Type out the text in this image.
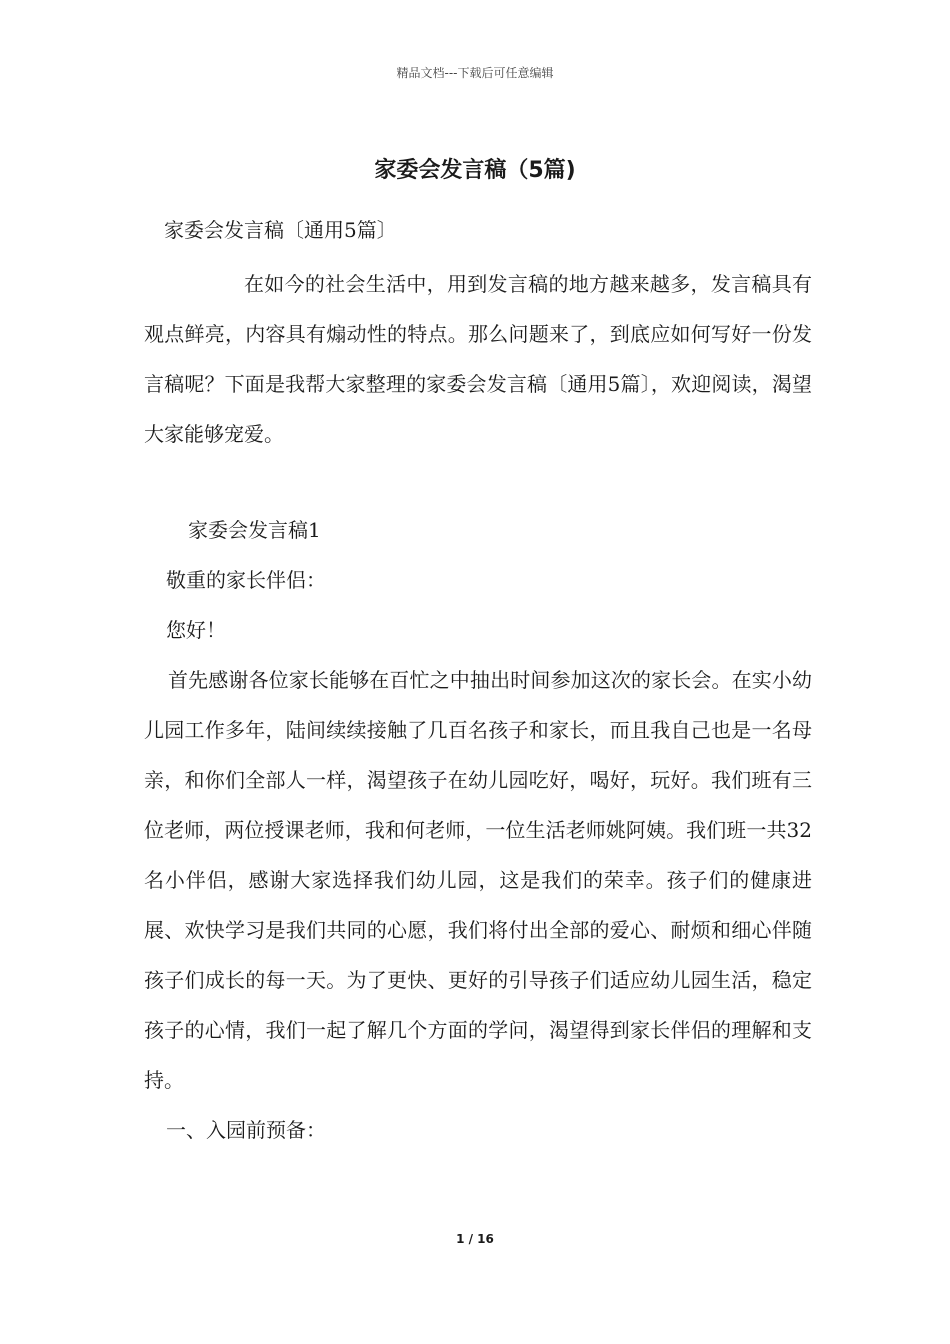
精品文档---下载后可任意编辑
家委会发言稿（5篇)

家委会发言稿〔通用5篇〕

在如今的社会生活中，用到发言稿的地方越来越多，发言稿具有观点鲜亮，内容具有煽动性的特点。那么问题来了，到底应如何写好一份发言稿呢？下面是我帮大家整理的家委会发言稿〔通用5篇〕，欢迎阅读，渴望大家能够宠爱。

家委会发言稿1

敬重的家长伴侣：

您好！

首先感谢各位家长能够在百忙之中抽出时间参加这次的家长会。在实小幼儿园工作多年，陆间续续接触了几百名孩子和家长，而且我自己也是一名母亲，和你们全部人一样，渴望孩子在幼儿园吃好，喝好，玩好。我们班有三位老师，两位授课老师，我和何老师，一位生活老师姚阿姨。我们班一共32名小伴侣，感谢大家选择我们幼儿园，这是我们的荣幸。孩子们的健康进展、欢快学习是我们共同的心愿，我们将付出全部的爱心、耐烦和细心伴随孩子们成长的每一天。为了更快、更好的引导孩子们适应幼儿园生活，稳定孩子的心情，我们一起了解几个方面的学问，渴望得到家长伴侣的理解和支持。

一、入园前预备：

1 / 16
